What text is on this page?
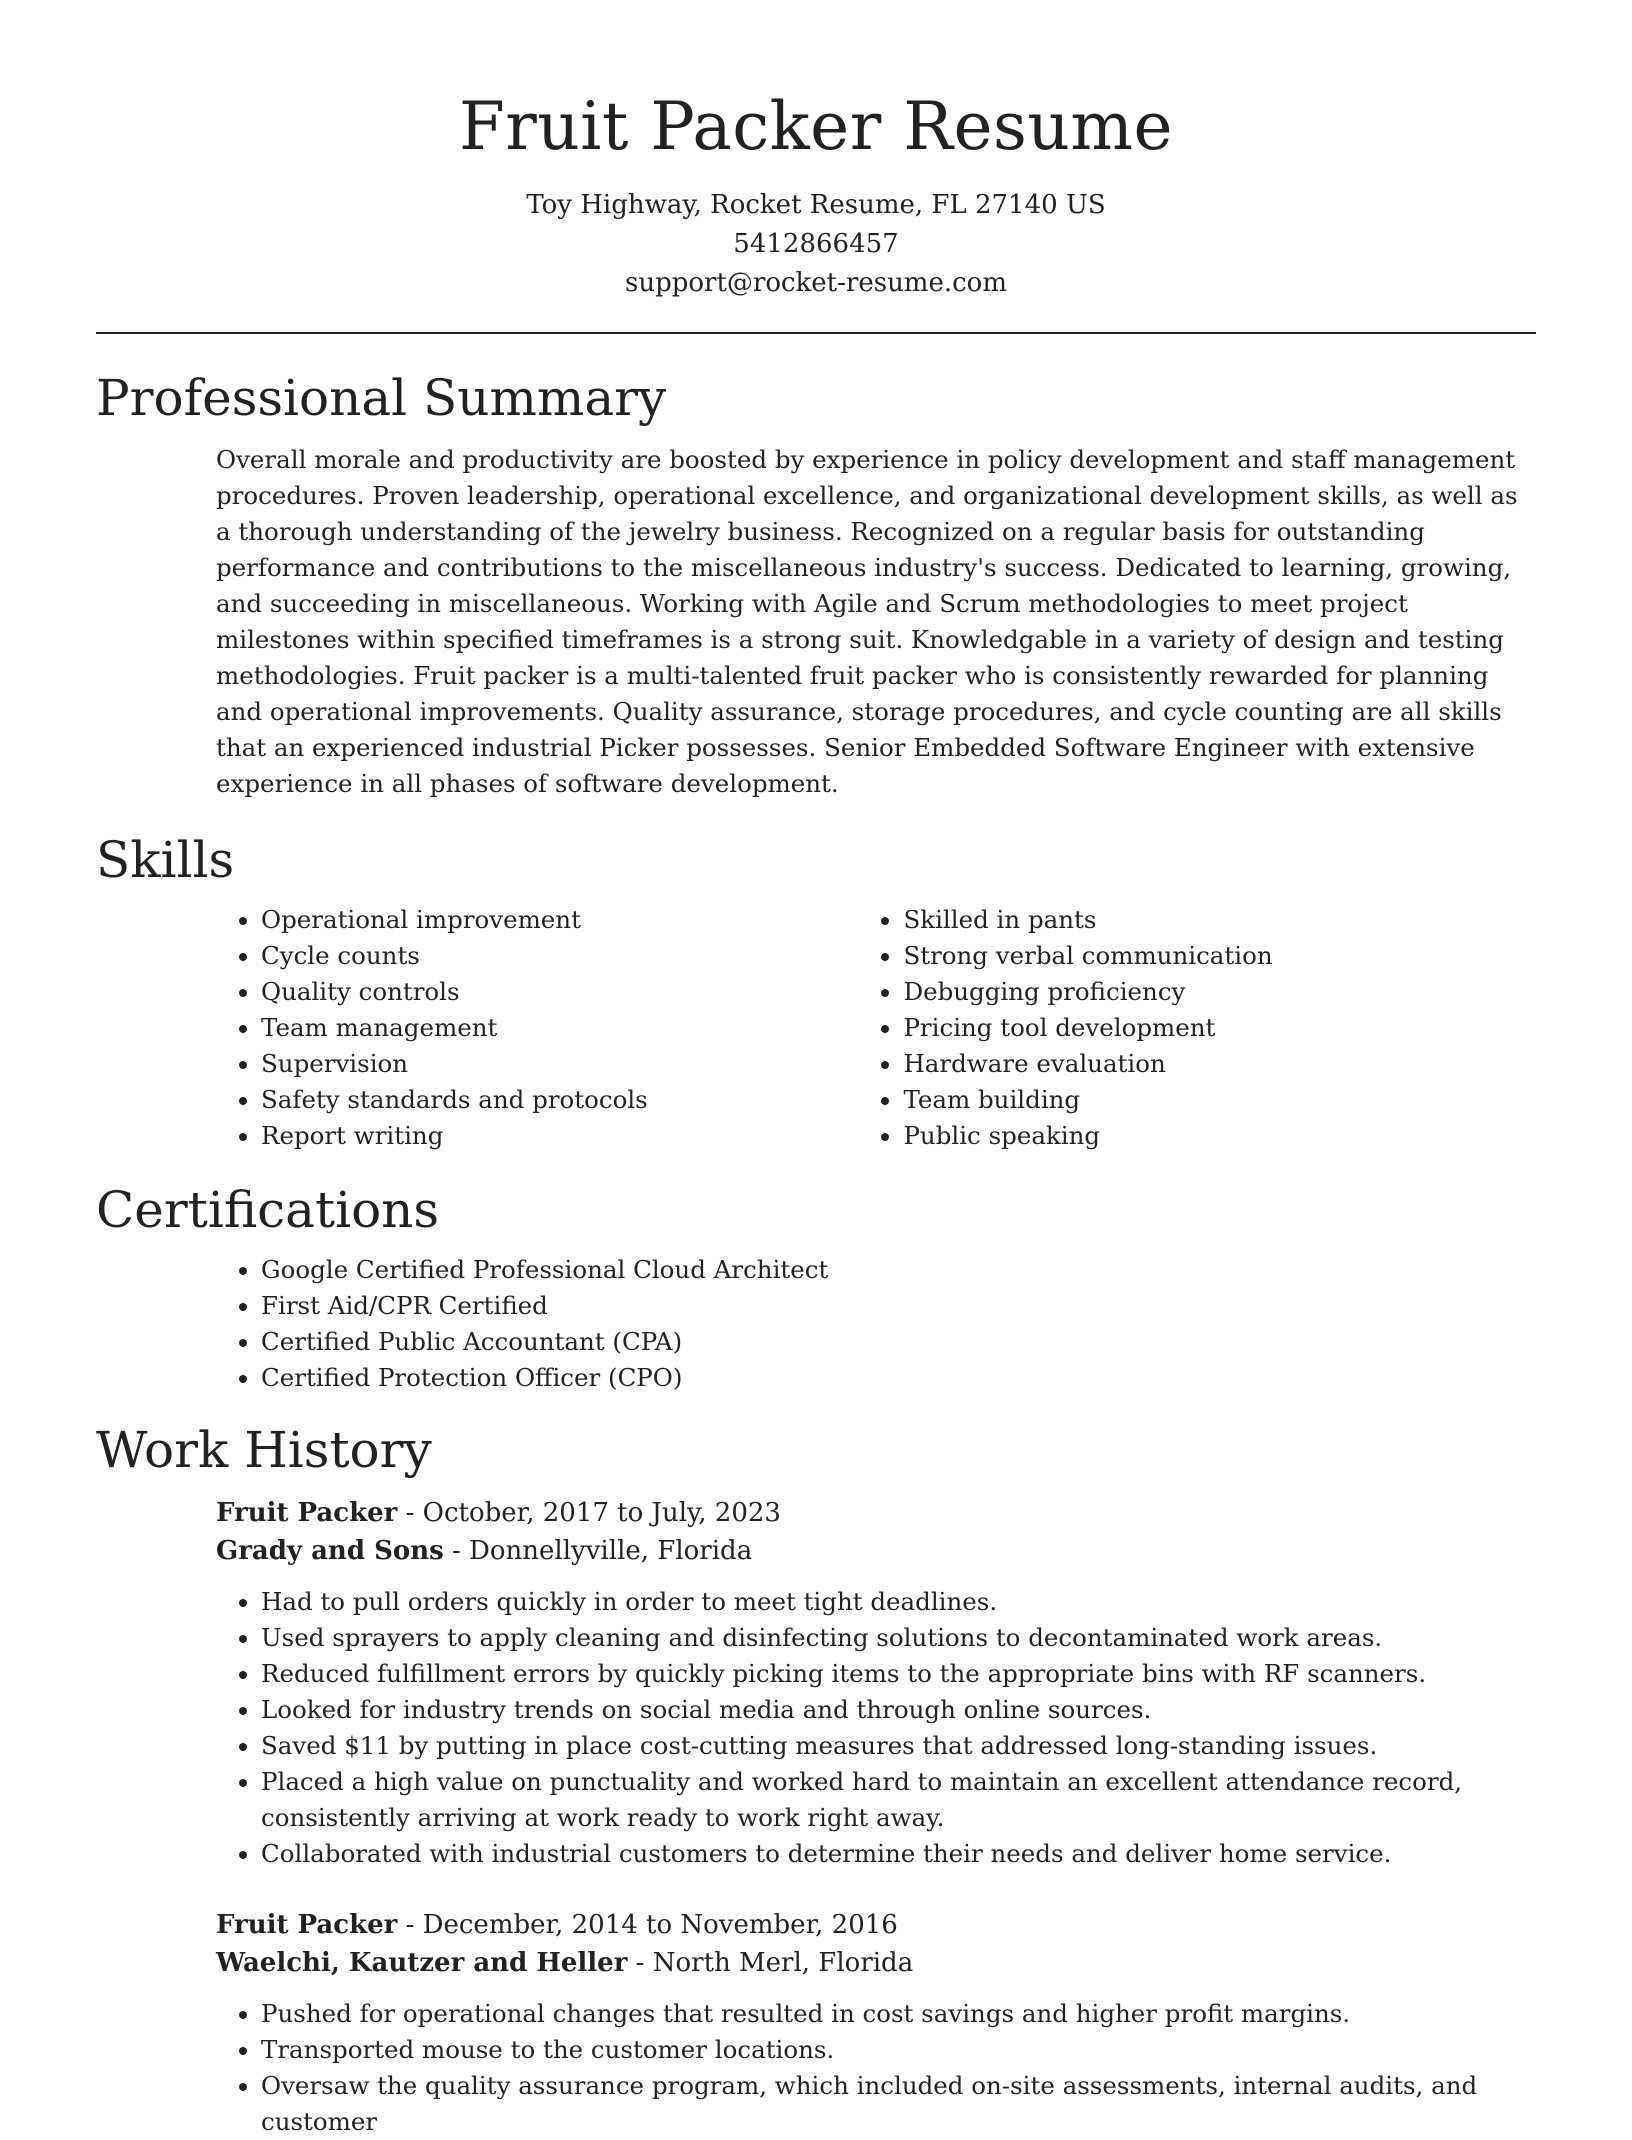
Fruit Packer Resume
Toy Highway, Rocket Resume, FL 27140 US
5412866457
support@rocket-resume.com
Professional Summary

Overall morale and productivity are boosted by experience in policy development and staff management procedures. Proven leadership, operational excellence, and organizational development skills, as well as a thorough understanding of the jewelry business. Recognized on a regular basis for outstanding performance and contributions to the miscellaneous industry's success. Dedicated to learning, growing, and succeeding in miscellaneous. Working with Agile and Scrum methodologies to meet project milestones within specified timeframes is a strong suit. Knowledgable in a variety of design and testing methodologies. Fruit packer is a multi-talented fruit packer who is consistently rewarded for planning and operational improvements. Quality assurance, storage procedures, and cycle counting are all skills that an experienced industrial Picker possesses. Senior Embedded Software Engineer with extensive experience in all phases of software development.

Skills
• Operational improvement
• Cycle counts
• Quality controls
• Team management
• Supervision
• Safety standards and protocols
• Report writing
• Skilled in pants
• Strong verbal communication
• Debugging proficiency
• Pricing tool development
• Hardware evaluation
• Team building
• Public speaking
Certifications
• Google Certified Professional Cloud Architect
• First Aid/CPR Certified
• Certified Public Accountant (CPA)
• Certified Protection Officer (CPO)
Work History
Fruit Packer - October, 2017 to July, 2023
Grady and Sons - Donnellyville, Florida
• Had to pull orders quickly in order to meet tight deadlines.
• Used sprayers to apply cleaning and disinfecting solutions to decontaminated work areas.
• Reduced fulfillment errors by quickly picking items to the appropriate bins with RF scanners.
• Looked for industry trends on social media and through online sources.
• Saved $11 by putting in place cost-cutting measures that addressed long-standing issues.
• Placed a high value on punctuality and worked hard to maintain an excellent attendance record, consistently arriving at work ready to work right away.
• Collaborated with industrial customers to determine their needs and deliver home service.
Fruit Packer - December, 2014 to November, 2016
Waelchi, Kautzer and Heller - North Merl, Florida
• Pushed for operational changes that resulted in cost savings and higher profit margins.
• Transported mouse to the customer locations.
• Oversaw the quality assurance program, which included on-site assessments, internal audits, and customer
